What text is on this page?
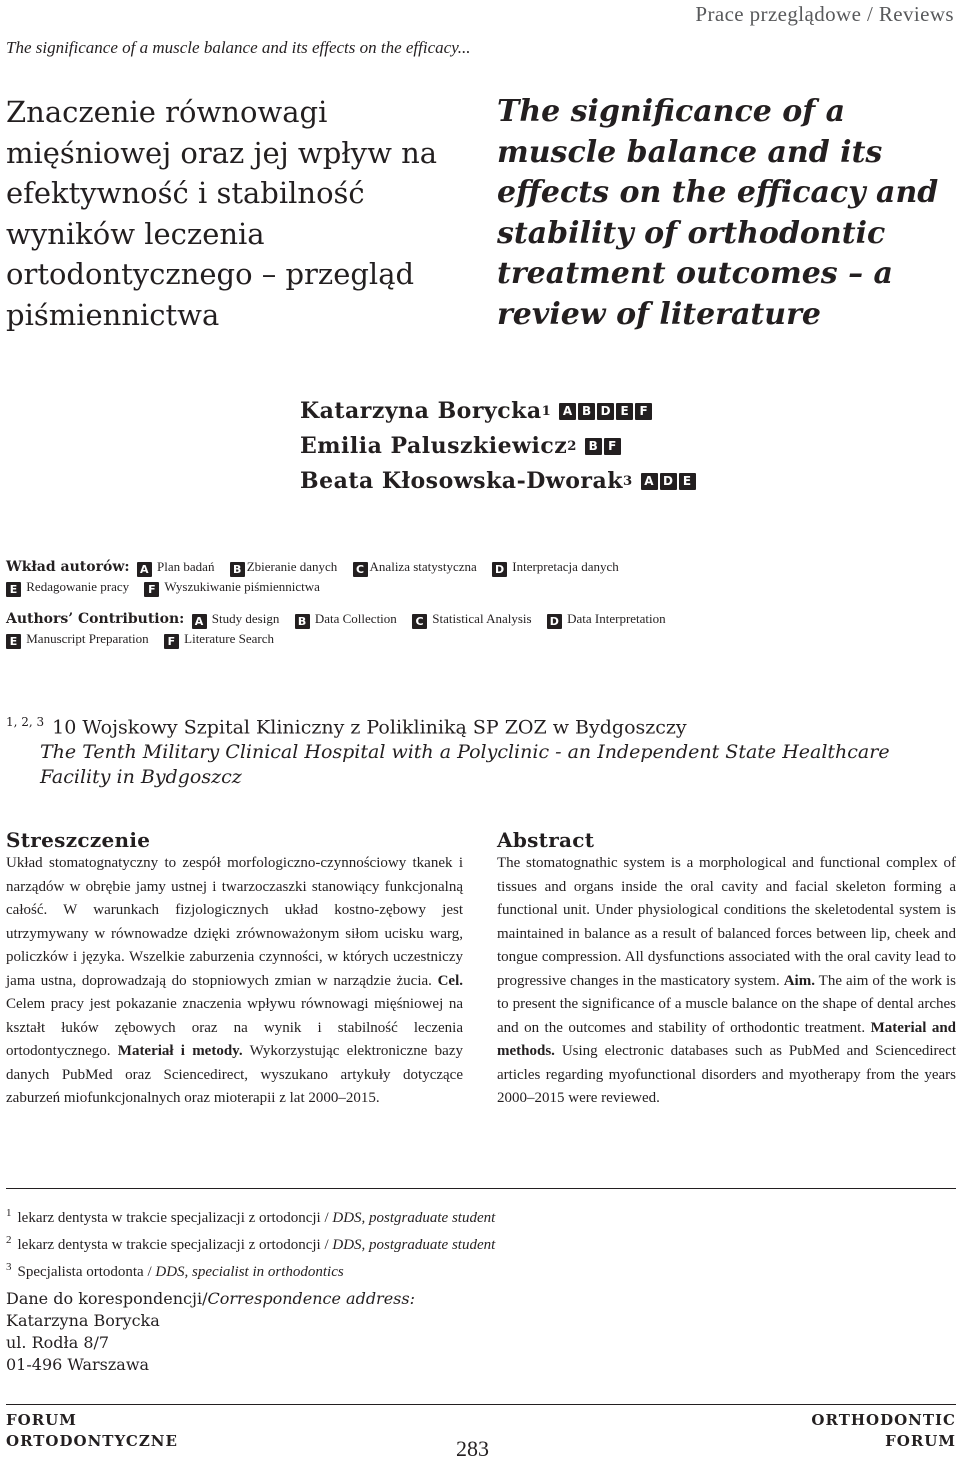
Prace przeglądowe / Reviews
The significance of a muscle balance and its effects on the efficacy...
Znaczenie równowagi mięśniowej oraz jej wpływ na efektywność i stabilność wyników leczenia ortodontycznego – przegląd piśmiennictwa
The significance of a muscle balance and its effects on the efficacy and stability of orthodontic treatment outcomes – a review of literature
Katarzyna Borycka 1 A B D E F
Emilia Paluszkiewicz 2 B F
Beata Kłosowska-Dworak 3 A D E
Wkład autorów: A Plan badań B Zbieranie danych C Analiza statystyczna D Interpretacja danych
E Redagowanie pracy F Wyszukiwanie piśmiennictwa
Authors’ Contribution: A Study design B Data Collection C Statistical Analysis D Data Interpretation
E Manuscript Preparation F Literature Search
$^{1, 2, 3}$ 10 Wojskowy Szpital Kliniczny z Polikliniką SP ZOZ w Bydgoszczy
The Tenth Military Clinical Hospital with a Polyclinic - an Independent State Healthcare Facility in Bydgoszcz
Streszczenie
Układ stomatognatyczny to zespół morfologiczno-czynnościowy tkanek i narządów w obrębie jamy ustnej i twarzoczaszki stanowiący funkcjonalną całość. W warunkach fizjologicznych układ kostno-zębowy jest utrzymywany w równowadze dzięki zrównoważonym siłom ucisku warg, policzków i języka. Wszelkie zaburzenia czynności, w których uczestniczy jama ustna, doprowadzają do stopniowych zmian w narządzie żucia. Cel. Celem pracy jest pokazanie znaczenia wpływu równowagi mięśniowej na kształt łuków zębowych oraz na wynik i stabilność leczenia ortodontycznego. Materiał i metody. Wykorzystując elektroniczne bazy danych PubMed oraz Sciencedirect, wyszukano artykuły dotyczące zaburzeń miofunkcjonalnych oraz mioterapii z lat 2000–2015.
Abstract
The stomatognathic system is a morphological and functional complex of tissues and organs inside the oral cavity and facial skeleton forming a functional unit. Under physiological conditions the skeletodental system is maintained in balance as a result of balanced forces between lip, cheek and tongue compression. All dysfunctions associated with the oral cavity lead to progressive changes in the masticatory system. Aim. The aim of the work is to present the significance of a muscle balance on the shape of dental arches and on the outcomes and stability of orthodontic treatment. Material and methods. Using electronic databases such as PubMed and Sciencedirect articles regarding myofunctional disorders and myotherapy from the years 2000–2015 were reviewed.
$^1$ lekarz dentysta w trakcie specjalizacji z ortodoncji / DDS, postgraduate student
$^2$ lekarz dentysta w trakcie specjalizacji z ortodoncji / DDS, postgraduate student
$^3$ Specjalista ortodonta / DDS, specialist in orthodontics
Dane do korespondencji/Correspondence address:
Katarzyna Borycka
ul. Rodła 8/7
01-496 Warszawa
FORUM
ORTODONTYCZNE	283
ORTHODONTIC
FORUM
